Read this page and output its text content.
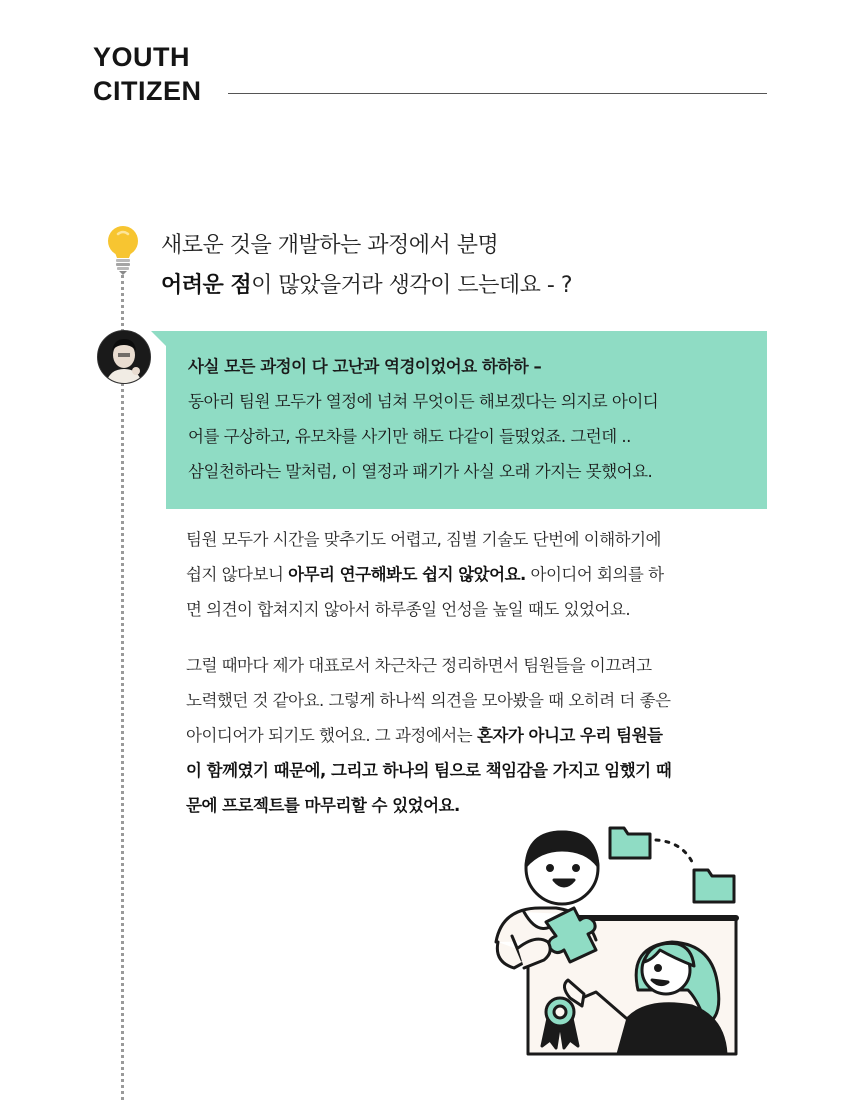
YOUTH
CITIZEN
새로운 것을 개발하는 과정에서 분명
어려운 점이 많았을거라 생각이 드는데요 - ?
사실 모든 과정이 다 고난과 역경이었어요 하하하 –
동아리 팀원 모두가 열정에 넘쳐 무엇이든 해보겠다는 의지로 아이디
어를 구상하고, 유모차를 사기만 해도 다같이 들떴었죠. 그런데 ..
삼일천하라는 말처럼, 이 열정과 패기가 사실 오래 가지는 못했어요.
팀원 모두가 시간을 맞추기도 어렵고, 짐벌 기술도 단번에 이해하기에
쉽지 않다보니 아무리 연구해봐도 쉽지 않았어요. 아이디어 회의를 하
면 의견이 합쳐지지 않아서 하루종일 언성을 높일 때도 있었어요.
그럴 때마다 제가 대표로서 차근차근 정리하면서 팀원들을 이끄려고
노력했던 것 같아요. 그렇게 하나씩 의견을 모아봤을 때 오히려 더 좋은
아이디어가 되기도 했어요. 그 과정에서는 혼자가 아니고 우리 팀원들
이 함께였기 때문에, 그리고 하나의 팀으로 책임감을 가지고 임했기 때
문에 프로젝트를 마무리할 수 있었어요.
